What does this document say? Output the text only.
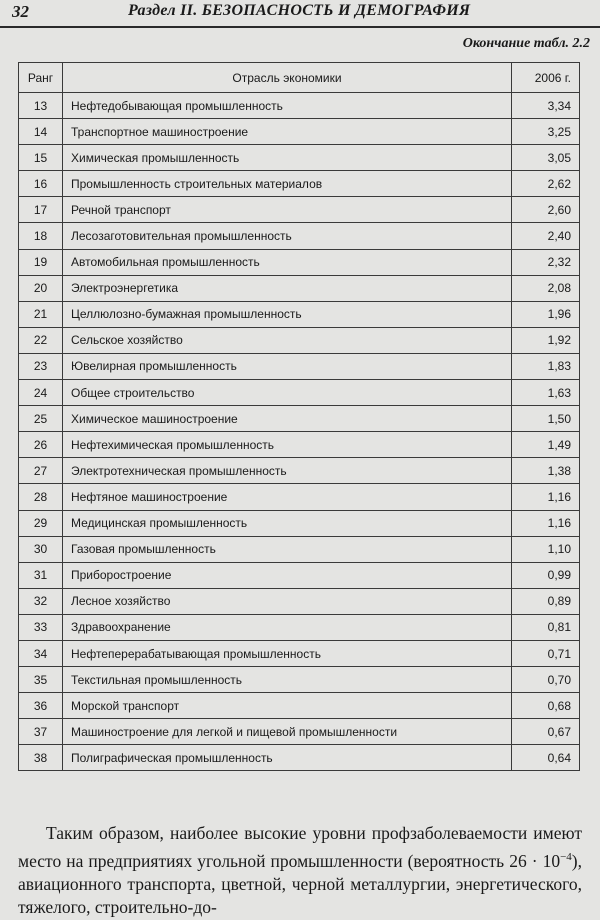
32	Раздел II. БЕЗОПАСНОСТЬ И ДЕМОГРАФИЯ
Окончание табл. 2.2
Ранг	Отрасль экономики	2006 г.
13	Нефтедобывающая промышленность	3,34
14	Транспортное машиностроение	3,25
15	Химическая промышленность	3,05
16	Промышленность строительных материалов	2,62
17	Речной транспорт	2,60
18	Лесозаготовительная промышленность	2,40
19	Автомобильная промышленность	2,32
20	Электроэнергетика	2,08
21	Целлюлозно-бумажная промышленность	1,96
22	Сельское хозяйство	1,92
23	Ювелирная промышленность	1,83
24	Общее строительство	1,63
25	Химическое машиностроение	1,50
26	Нефтехимическая промышленность	1,49
27	Электротехническая промышленность	1,38
28	Нефтяное машиностроение	1,16
29	Медицинская промышленность	1,16
30	Газовая промышленность	1,10
31	Приборостроение	0,99
32	Лесное хозяйство	0,89
33	Здравоохранение	0,81
34	Нефтеперерабатывающая промышленность	0,71
35	Текстильная промышленность	0,70
36	Морской транспорт	0,68
37	Машиностроение для легкой и пищевой промышленности	0,67
38	Полиграфическая промышленность	0,64

Таким образом, наиболее высокие уровни профзаболеваемости имеют место на предприятиях угольной промышленности (вероятность $26 \cdot 10^{-4}$), авиационного транспорта, цветной, черной металлургии, энергетического, тяжелого, строительно-до-
